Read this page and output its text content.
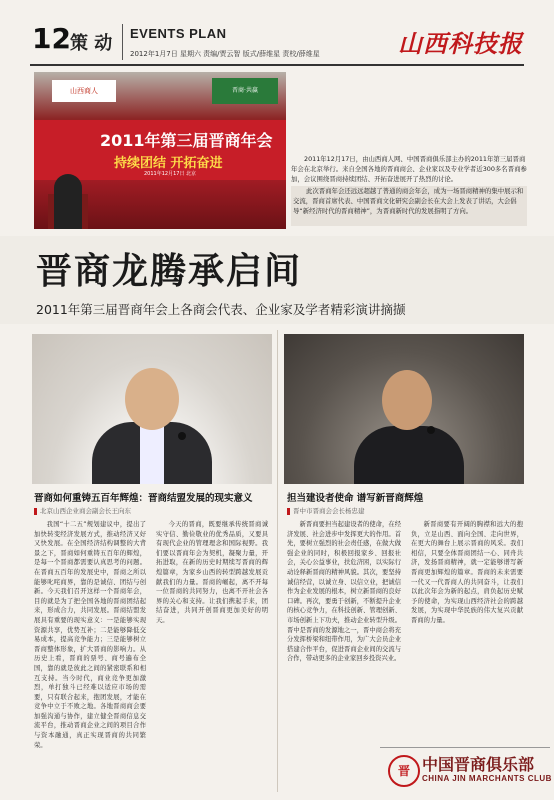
12 策 动 EVENTS PLAN
2012年1月7日 星期六 责编/贾云智 版式/薛维星 责校/薛维星	山西科技报
山西商人	晋商·共赢
2011年第三届晋商年会
持续团结 开拓奋进
2011年12月17日 北京
2011年12月17日，由山西商人网、中国晋商俱乐部主办的2011年第三届晋商年会在北京举行。来自全国各地的晋商商会、企业家以及专业学者近300多名晋商参加，会议围绕晋商持续团结、开拓奋进展开了热烈的讨论。
此次晋商年会还远远超越了普通的商会年会，成为一场晋商精神的集中展示和交流，晋商首席代表、中国晋商文化研究会副会长在大会上发表了讲话，大会倡导“新经济时代的晋商精神”，为晋商新时代的发展指明了方向。
晋商龙腾承启间
2011年第三届晋商年会上各商会代表、企业家及学者精彩演讲摘撷
晋商如何重铸五百年辉煌：晋商结盟发展的现实意义
北京山西企业商会副会长王向东
担当建设者使命 谱写新晋商辉煌
晋中市晋商会会长杨忠建
我国“十二五”规划建议中，提出了加快转变经济发展方式，推动经济又好又快发展。在全国经济结构调整的大背景之下，晋商如何重铸五百年的辉煌，是每一个晋商都需要认真思考的问题。在晋商五百年的发展史中，晋商之所以能够叱咤商界，靠的是诚信、团结与创新。今天我们召开这样一个晋商年会，目的就是为了把全国各地的晋商团结起来，形成合力，共同发展。晋商结盟发展具有重要的现实意义：一是能够实现资源共享，优势互补；二是能够降低交易成本，提高竞争能力；三是能够树立晋商整体形象，扩大晋商的影响力。从历史上看，晋商的票号、商号遍布全国，靠的就是彼此之间的紧密联系和相互支持。当今时代，商业竞争更加激烈，单打独斗已经难以适应市场的需要，只有联合起来，抱团发展，才能在竞争中立于不败之地。各地晋商商会要加强沟通与协作，建立健全晋商信息交流平台，推动晋商企业之间的项目合作与资本融通，真正实现晋商的共同繁荣。
今天的晋商，既要继承传统晋商诚实守信、勤俭敬业的优秀品质，又要具有现代企业的管理理念和国际视野。我们要以晋商年会为契机，凝聚力量，开拓进取，在新的历史时期续写晋商的辉煌篇章，为家乡山西的转型跨越发展贡献我们的力量。晋商的崛起，离不开每一位晋商的共同努力，也离不开社会各界的关心和支持。让我们携起手来，团结奋进，共同开创晋商更加美好的明天。
新晋商要担当起建设者的使命，在经济发展、社会进步中发挥更大的作用。首先，要树立强烈的社会责任感，在做大做强企业的同时，积极回报家乡、回报社会，关心公益事业，扶危济困，以实际行动诠释新晋商的精神风貌。其次，要坚持诚信经营，以诚立身、以信立业，把诚信作为企业发展的根本，树立新晋商的良好口碑。再次，要勇于创新，不断提升企业的核心竞争力，在科技创新、管理创新、市场创新上下功夫，推动企业转型升级。晋中是晋商的发源地之一，晋中商会将充分发挥桥梁和纽带作用，为广大会员企业搭建合作平台，促进晋商企业间的交流与合作，带动更多的企业家回乡投资兴业。
新晋商要有开阔的胸襟和远大的抱负，立足山西、面向全国、走向世界，在更大的舞台上展示晋商的风采。我们相信，只要全体晋商团结一心、同舟共济，发扬晋商精神，就一定能够谱写新晋商更加辉煌的篇章。晋商的未来需要一代又一代晋商人的共同奋斗，让我们以此次年会为新的起点，肩负起历史赋予的使命，为实现山西经济社会的跨越发展，为实现中华民族的伟大复兴贡献晋商的力量。
晋 中国晋商俱乐部
CHINA JIN MARCHANTS CLUB
